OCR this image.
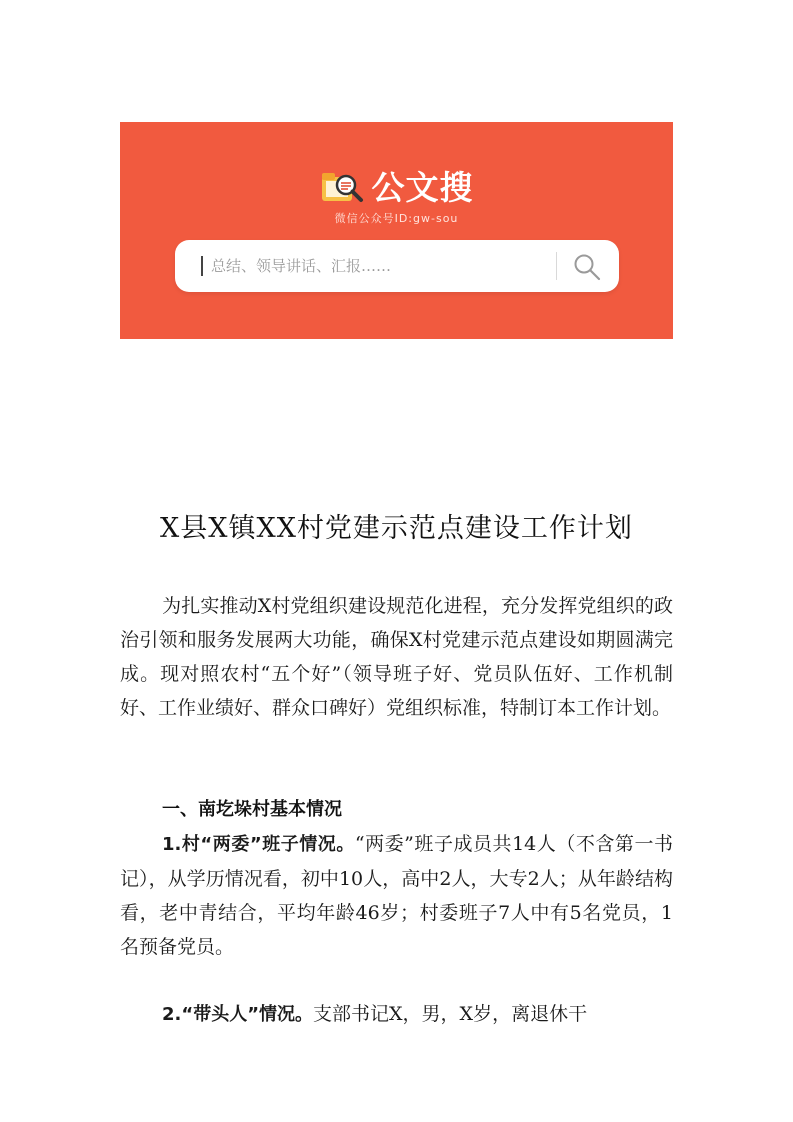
公文搜
微信公众号ID:gw-sou
总结、领导讲话、汇报……
X县X镇XX村党建示范点建设工作计划

为扎实推动X村党组织建设规范化进程，充分发挥党组织的政治引领和服务发展两大功能，确保X村党建示范点建设如期圆满完成。现对照农村“五个好”（领导班子好、党员队伍好、工作机制好、工作业绩好、群众口碑好）党组织标准，特制订本工作计划。

一、南圪垛村基本情况

1.村“两委”班子情况。“两委”班子成员共14人（不含第一书记），从学历情况看，初中10人，高中2人，大专2人；从年龄结构看，老中青结合，平均年龄46岁；村委班子7人中有5名党员，1名预备党员。

2.“带头人”情况。支部书记X，男，X岁，离退休干
